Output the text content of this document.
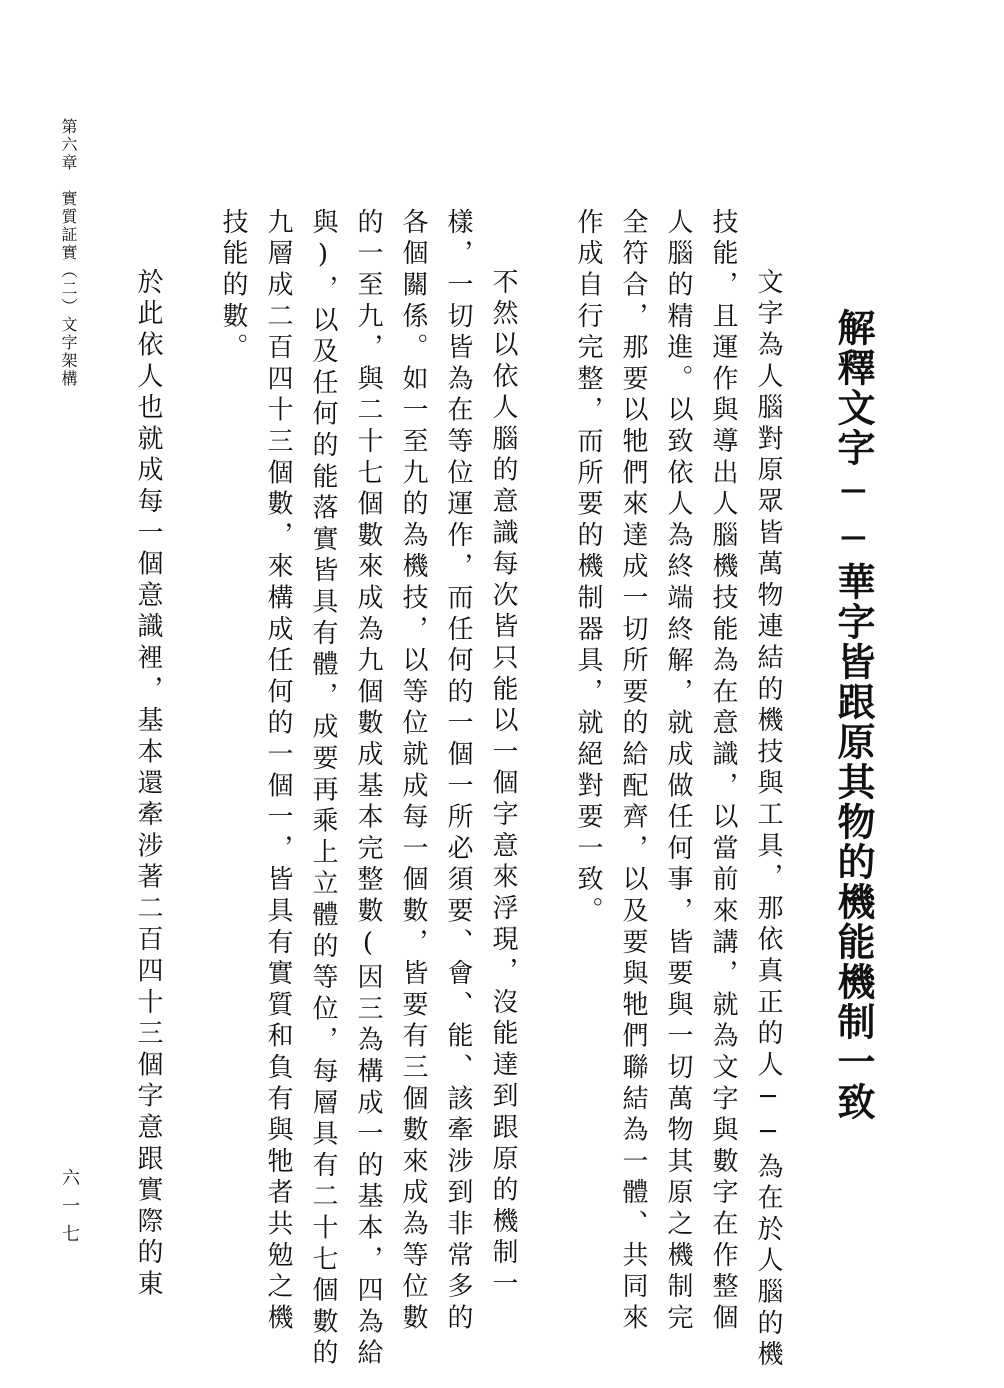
第六章　實質証實（二）文字架構
解釋文字──華字皆跟原其物的機能機制一致
文字為人腦對原眾皆萬物連結的機技與工具，那依真正的人──為在於人腦的機
技能，且運作與導出人腦機技能為在意識，以當前來講，就為文字與數字在作整個
人腦的精進。以致依人為終端終解，就成做任何事，皆要與一切萬物其原之機制完
全符合，那要以牠們來達成一切所要的給配齊，以及要與牠們聯結為一體、共同來
作成自行完整，而所要的機制器具，就絕對要一致。
不然以依人腦的意識每次皆只能以一個字意來浮現，沒能達到跟原的機制一
樣，一切皆為在等位運作，而任何的一個一所必須要、會、能、該牽涉到非常多的
各個關係。如一至九的為機技，以等位就成每一個數，皆要有三個數來成為等位數
的一至九，與二十七個數來成為九個數成基本完整數(因三為構成一的基本，四為給
與)，以及任何的能落實皆具有體，成要再乘上立體的等位，每層具有二十七個數的
九層成二百四十三個數，來構成任何的一個一，皆具有實質和負有與牠者共勉之機
技能的數。
於此依人也就成每一個意識裡，基本還牽涉著二百四十三個字意跟實際的東
六一七
